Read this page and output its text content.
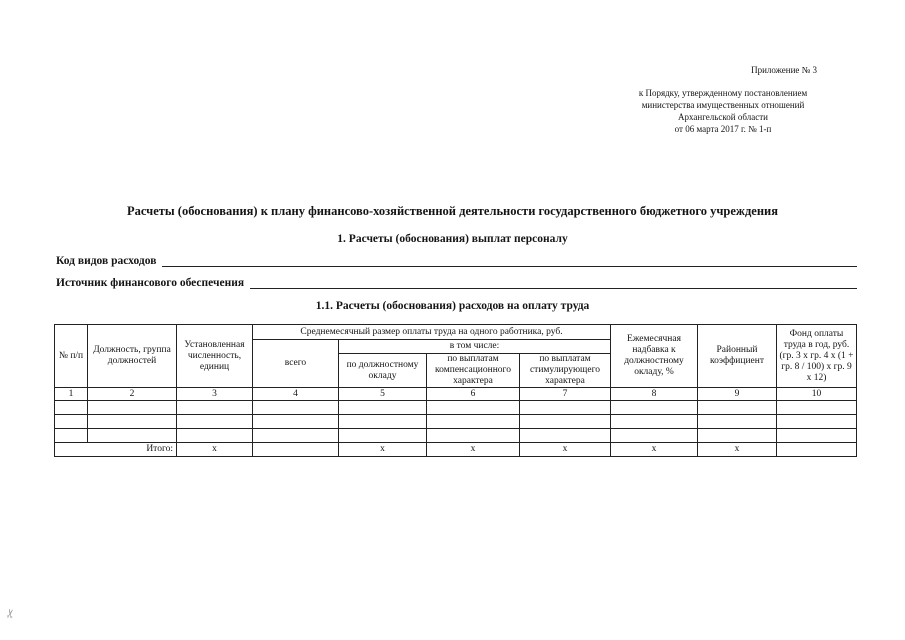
Приложение № 3
к Порядку, утвержденному постановлением
министерства имущественных отношений
Архангельской области
от 06 марта 2017 г. № 1-п
Расчеты (обоснования) к плану финансово-хозяйственной деятельности государственного бюджетного учреждения
1. Расчеты (обоснования) выплат персоналу
Код видов расходов
Источник финансового обеспечения
1.1. Расчеты (обоснования) расходов на оплату труда
№ п/п	Должность, группа должностей	Установленная численность, единиц	Среднемесячный размер оплаты труда на одного работника, руб.				Ежемесячная надбавка к должностному окладу, %	Районный коэффициент	Фонд оплаты труда в год, руб. (гр. 3 х гр. 4 х (1 + гр. 8 / 100) х гр. 9 х 12)
			всего	в том числе:					
				по должностному окладу	по выплатам компенсационного характера	по выплатам стимулирующего характера			
1	2	3	4	5	6	7	8	9	10

Итого:		х		х	х	х	х	х	
✂
